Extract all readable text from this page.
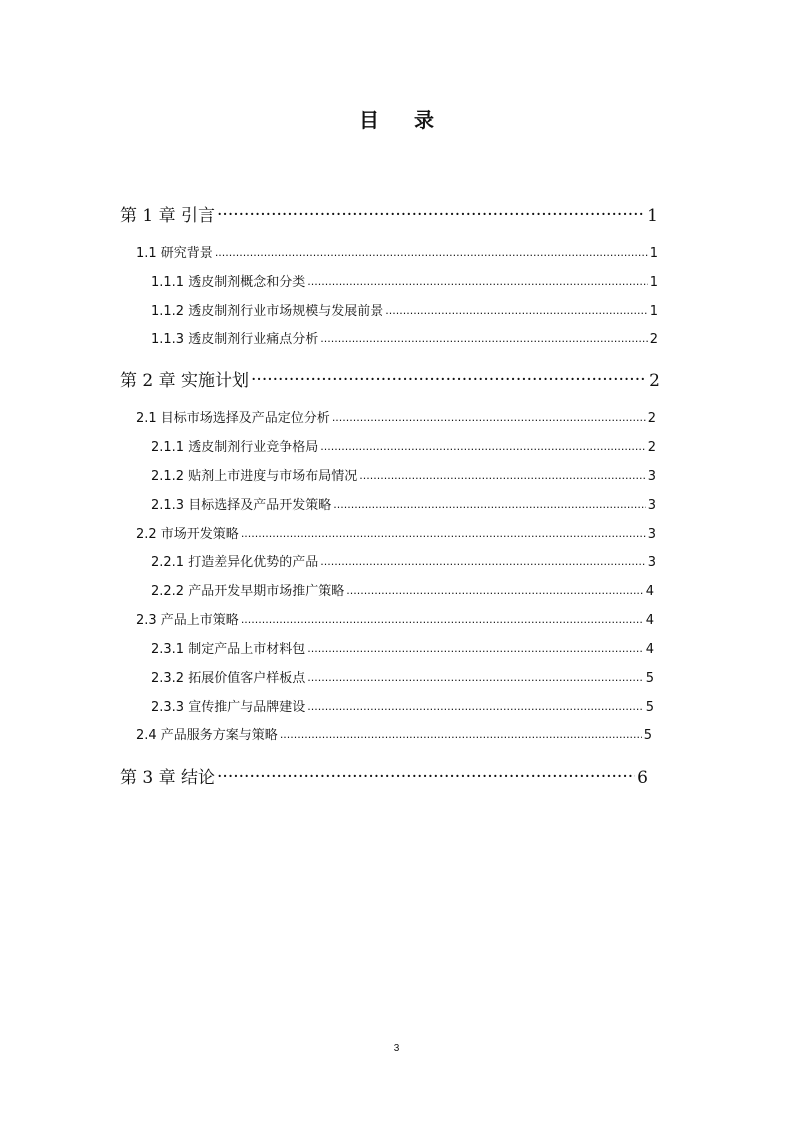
目 录
第 1 章 引言 ·····	1
1.1 研究背景 .....	1
1.1.1 透皮制剂概念和分类 .....	1
1.1.2 透皮制剂行业市场规模与发展前景 .....	1
1.1.3 透皮制剂行业痛点分析 .....	2
第 2 章 实施计划 ·····	2
2.1 目标市场选择及产品定位分析 .....	2
2.1.1 透皮制剂行业竞争格局 .....	2
2.1.2 贴剂上市进度与市场布局情况 .....	3
2.1.3 目标选择及产品开发策略 .....	3
2.2 市场开发策略 .....	3
2.2.1 打造差异化优势的产品 .....	3
2.2.2 产品开发早期市场推广策略 .....	4
2.3 产品上市策略 .....	4
2.3.1 制定产品上市材料包 .....	4
2.3.2 拓展价值客户样板点 .....	5
2.3.3 宣传推广与品牌建设 .....	5
2.4 产品服务方案与策略 .....	5
第 3 章 结论 ·····	6
3
